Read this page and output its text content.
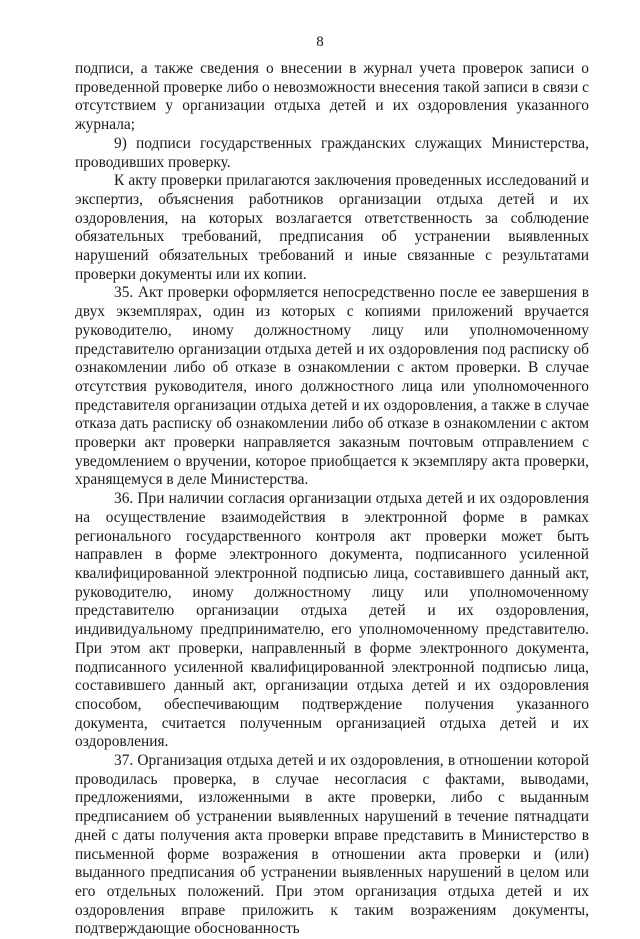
8

подписи, а также сведения о внесении в журнал учета проверок записи о проведенной проверке либо о невозможности внесения такой записи в связи с отсутствием у организации отдыха детей и их оздоровления указанного журнала;

9) подписи государственных гражданских служащих Министерства, проводивших проверку.

К акту проверки прилагаются заключения проведенных исследований и экспертиз, объяснения работников организации отдыха детей и их оздоровления, на которых возлагается ответственность за соблюдение обязательных требований, предписания об устранении выявленных нарушений обязательных требований и иные связанные с результатами проверки документы или их копии.

35. Акт проверки оформляется непосредственно после ее завершения в двух экземплярах, один из которых с копиями приложений вручается руководителю, иному должностному лицу или уполномоченному представителю организации отдыха детей и их оздоровления под расписку об ознакомлении либо об отказе в ознакомлении с актом проверки. В случае отсутствия руководителя, иного должностного лица или уполномоченного представителя организации отдыха детей и их оздоровления, а также в случае отказа дать расписку об ознакомлении либо об отказе в ознакомлении с актом проверки акт проверки направляется заказным почтовым отправлением с уведомлением о вручении, которое приобщается к экземпляру акта проверки, хранящемуся в деле Министерства.

36. При наличии согласия организации отдыха детей и их оздоровления на осуществление взаимодействия в электронной форме в рамках регионального государственного контроля акт проверки может быть направлен в форме электронного документа, подписанного усиленной квалифицированной электронной подписью лица, составившего данный акт, руководителю, иному должностному лицу или уполномоченному представителю организации отдыха детей и их оздоровления, индивидуальному предпринимателю, его уполномоченному представителю. При этом акт проверки, направленный в форме электронного документа, подписанного усиленной квалифицированной электронной подписью лица, составившего данный акт, организации отдыха детей и их оздоровления способом, обеспечивающим подтверждение получения указанного документа, считается полученным организацией отдыха детей и их оздоровления.

37. Организация отдыха детей и их оздоровления, в отношении которой проводилась проверка, в случае несогласия с фактами, выводами, предложениями, изложенными в акте проверки, либо с выданным предписанием об устранении выявленных нарушений в течение пятнадцати дней с даты получения акта проверки вправе представить в Министерство в письменной форме возражения в отношении акта проверки и (или) выданного предписания об устранении выявленных нарушений в целом или его отдельных положений. При этом организация отдыха детей и их оздоровления вправе приложить к таким возражениям документы, подтверждающие обоснованность
